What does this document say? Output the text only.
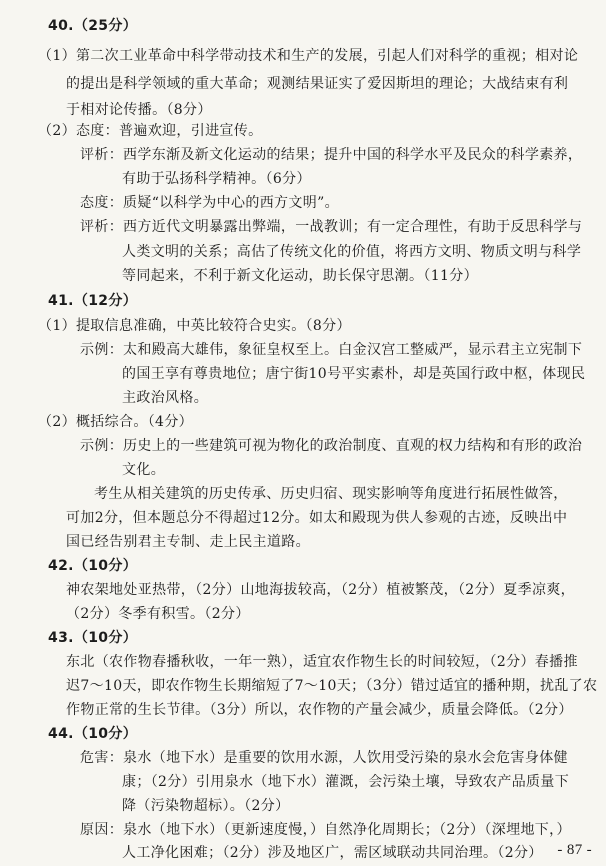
40.（25分）

（1）第二次工业革命中科学带动技术和生产的发展，引起人们对科学的重视；相对论

的提出是科学领域的重大革命；观测结果证实了爱因斯坦的理论；大战结束有利

于相对论传播。（8分）

（2）态度：普遍欢迎，引进宣传。

评析：西学东渐及新文化运动的结果；提升中国的科学水平及民众的科学素养，

有助于弘扬科学精神。（6分）

态度：质疑“以科学为中心的西方文明”。

评析：西方近代文明暴露出弊端，一战教训；有一定合理性，有助于反思科学与

人类文明的关系；高估了传统文化的价值，将西方文明、物质文明与科学

等同起来，不利于新文化运动，助长保守思潮。（11分）

41.（12分）

（1）提取信息准确，中英比较符合史实。（8分）

示例：太和殿高大雄伟，象征皇权至上。白金汉宫工整威严，显示君主立宪制下

的国王享有尊贵地位；唐宁街10号平实素朴，却是英国行政中枢，体现民

主政治风格。

（2）概括综合。（4分）

示例：历史上的一些建筑可视为物化的政治制度、直观的权力结构和有形的政治

文化。

考生从相关建筑的历史传承、历史归宿、现实影响等角度进行拓展性做答，

可加2分，但本题总分不得超过12分。如太和殿现为供人参观的古迹，反映出中

国已经告别君主专制、走上民主道路。

42.（10分）

神农架地处亚热带，（2分）山地海拔较高，（2分）植被繁茂，（2分）夏季凉爽，

（2分）冬季有积雪。（2分）

43.（10分）

东北（农作物春播秋收，一年一熟），适宜农作物生长的时间较短，（2分）春播推

迟7～10天，即农作物生长期缩短了7～10天；（3分）错过适宜的播种期，扰乱了农

作物正常的生长节律。（3分）所以，农作物的产量会减少，质量会降低。（2分）

44.（10分）

危害：泉水（地下水）是重要的饮用水源，人饮用受污染的泉水会危害身体健

康；（2分）引用泉水（地下水）灌溉，会污染土壤，导致农产品质量下

降（污染物超标）。（2分）

原因：泉水（地下水）（更新速度慢，）自然净化周期长；（2分）（深埋地下，）

人工净化困难；（2分）涉及地区广，需区域联动共同治理。（2分） - 87 -
